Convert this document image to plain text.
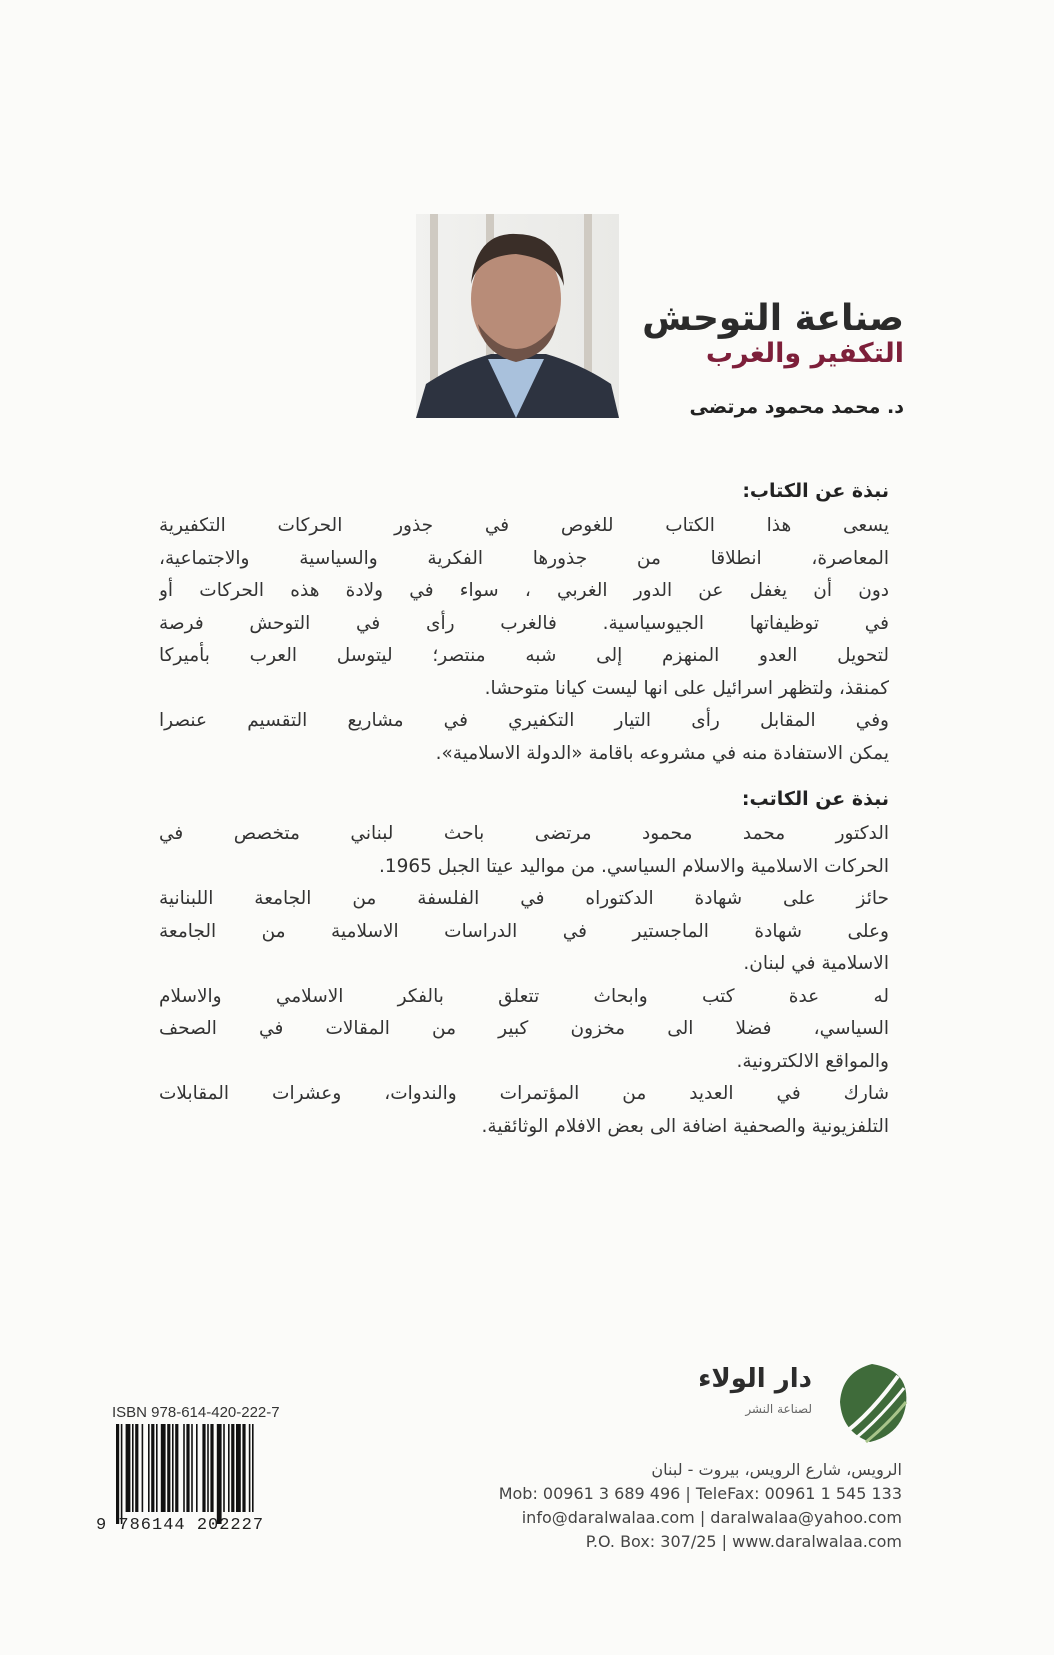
صناعة التوحش
التكفير والغرب
د. محمد محمود مرتضى
نبذة عن الكتاب:
يسعى هذا الكتاب للغوص في جذور الحركات التكفيرية
المعاصرة، انطلاقا من جذورها الفكرية والسياسية والاجتماعية،
دون أن يغفل عن الدور الغربي ، سواء في ولادة هذه الحركات أو
في توظيفاتها الجيوسياسية. فالغرب رأى في التوحش فرصة
لتحويل العدو المنهزم إلى شبه منتصر؛ ليتوسل العرب بأميركا
كمنقذ، ولتظهر اسرائيل على انها ليست كيانا متوحشا.
وفي المقابل رأى التيار التكفيري في مشاريع التقسيم عنصرا
يمكن الاستفادة منه في مشروعه باقامة «الدولة الاسلامية».
نبذة عن الكاتب:
الدكتور محمد محمود مرتضى باحث لبناني متخصص في
الحركات الاسلامية والاسلام السياسي. من مواليد عيتا الجبل 1965.
حائز على شهادة الدكتوراه في الفلسفة من الجامعة اللبنانية
وعلى شهادة الماجستير في الدراسات الاسلامية من الجامعة
الاسلامية في لبنان.
له عدة كتب وابحاث تتعلق بالفكر الاسلامي والاسلام
السياسي، فضلا الى مخزون كبير من المقالات في الصحف
والمواقع الالكترونية.
شارك في العديد من المؤتمرات والندوات، وعشرات المقابلات
التلفزيونية والصحفية اضافة الى بعض الافلام الوثائقية.
دار الولاء
لصناعة النشر
الرويس، شارع الرويس، بيروت - لبنان
Mob: 00961 3 689 496 | TeleFax: 00961 1 545 133
info@daralwalaa.com | daralwalaa@yahoo.com
P.O. Box: 307/25 | www.daralwalaa.com
ISBN 978-614-420-222-7
9 786144 202227
